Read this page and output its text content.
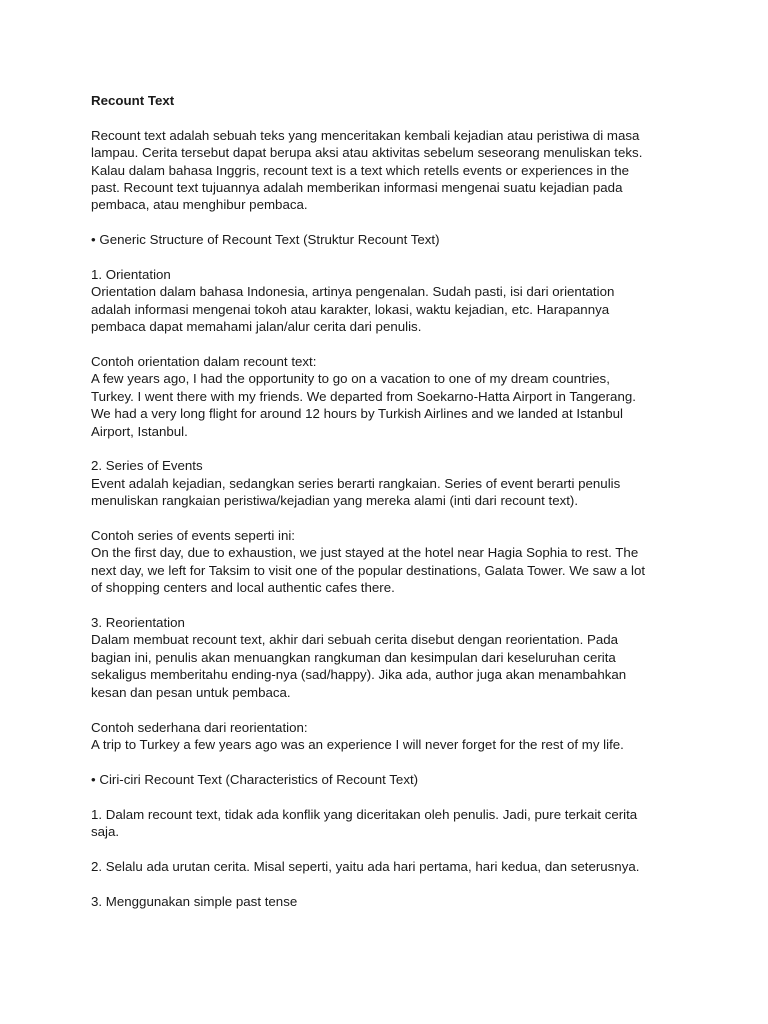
Recount Text
Recount text adalah sebuah teks yang menceritakan kembali kejadian atau peristiwa di masa
lampau. Cerita tersebut dapat berupa aksi atau aktivitas sebelum seseorang menuliskan teks.
Kalau dalam bahasa Inggris, recount text is a text which retells events or experiences in the
past. Recount text tujuannya adalah memberikan informasi mengenai suatu kejadian pada
pembaca, atau menghibur pembaca.
• Generic Structure of Recount Text (Struktur Recount Text)
1. Orientation
Orientation dalam bahasa Indonesia, artinya pengenalan. Sudah pasti, isi dari orientation
adalah informasi mengenai tokoh atau karakter, lokasi, waktu kejadian, etc. Harapannya
pembaca dapat memahami jalan/alur cerita dari penulis.
Contoh orientation dalam recount text:
A few years ago, I had the opportunity to go on a vacation to one of my dream countries,
Turkey. I went there with my friends. We departed from Soekarno-Hatta Airport in Tangerang.
We had a very long flight for around 12 hours by Turkish Airlines and we landed at Istanbul
Airport, Istanbul.
2. Series of Events
Event adalah kejadian, sedangkan series berarti rangkaian. Series of event berarti penulis
menuliskan rangkaian peristiwa/kejadian yang mereka alami (inti dari recount text).
Contoh series of events seperti ini:
On the first day, due to exhaustion, we just stayed at the hotel near Hagia Sophia to rest. The
next day, we left for Taksim to visit one of the popular destinations, Galata Tower. We saw a lot
of shopping centers and local authentic cafes there.
3. Reorientation
Dalam membuat recount text, akhir dari sebuah cerita disebut dengan reorientation. Pada
bagian ini, penulis akan menuangkan rangkuman dan kesimpulan dari keseluruhan cerita
sekaligus memberitahu ending-nya (sad/happy). Jika ada, author juga akan menambahkan
kesan dan pesan untuk pembaca.
Contoh sederhana dari reorientation:
A trip to Turkey a few years ago was an experience I will never forget for the rest of my life.
• Ciri-ciri Recount Text (Characteristics of Recount Text)
1. Dalam recount text, tidak ada konflik yang diceritakan oleh penulis. Jadi, pure terkait cerita
saja.
2. Selalu ada urutan cerita. Misal seperti, yaitu ada hari pertama, hari kedua, dan seterusnya.
3. Menggunakan simple past tense
